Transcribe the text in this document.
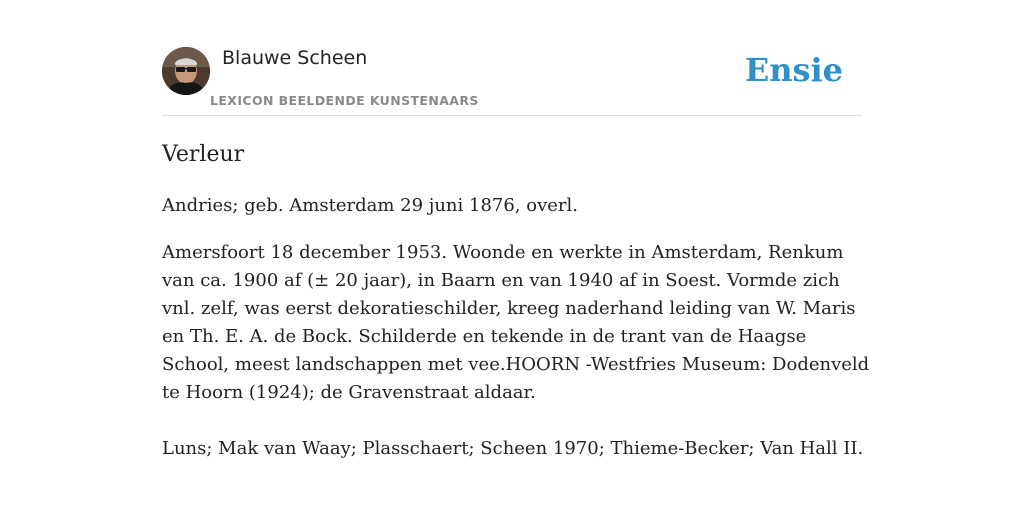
Blauwe Scheen
LEXICON BEELDENDE KUNSTENAARS
Ensie
Verleur

Andries; geb. Amsterdam 29 juni 1876, overl.

Amersfoort 18 december 1953. Woonde en werkte in Amsterdam, Renkum van ca. 1900 af (± 20 jaar), in Baarn en van 1940 af in Soest. Vormde zich vnl. zelf, was eerst dekoratieschilder, kreeg naderhand leiding van W. Maris en Th. E. A. de Bock. Schilderde en tekende in de trant van de Haagse School, meest landschappen met vee.HOORN -Westfries Museum: Dodenveld te Hoorn (1924); de Gravenstraat aldaar.

Luns; Mak van Waay; Plasschaert; Scheen 1970; Thieme-Becker; Van Hall II.
